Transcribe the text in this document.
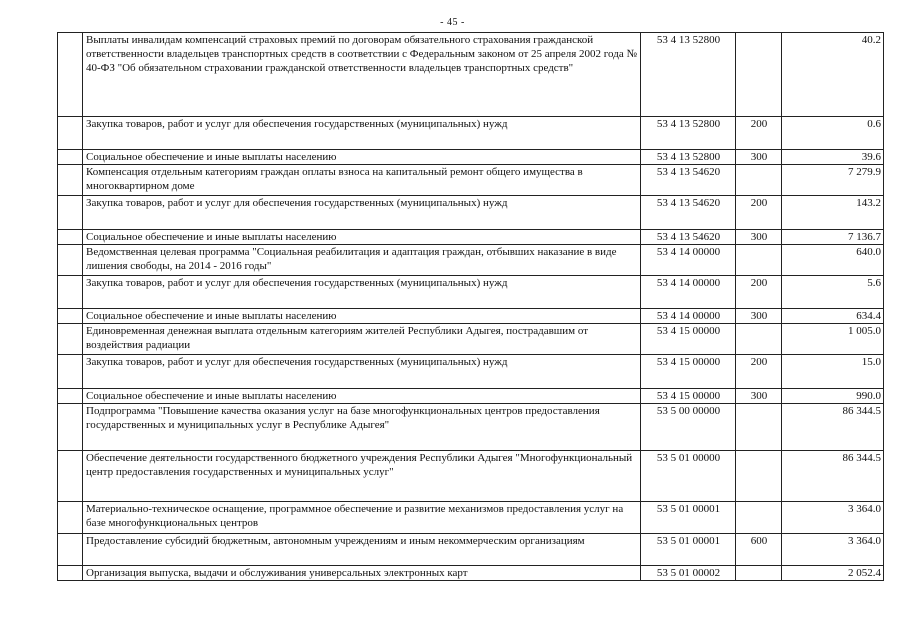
- 45 -
	Выплаты инвалидам компенсаций страховых премий по договорам обязательного страхования гражданской ответственности владельцев транспортных средств в соответствии с Федеральным законом от 25 апреля 2002 года № 40-ФЗ "Об обязательном страховании гражданской ответственности владельцев транспортных средств"	53 4 13 52800		40.2
	Закупка товаров, работ и услуг для обеспечения государственных (муниципальных) нужд	53 4 13 52800	200	0.6
	Социальное обеспечение и иные выплаты населению	53 4 13 52800	300	39.6
	Компенсация отдельным категориям граждан оплаты взноса на капитальный ремонт общего имущества в многоквартирном доме	53 4 13 54620		7 279.9
	Закупка товаров, работ и услуг для обеспечения государственных (муниципальных) нужд	53 4 13 54620	200	143.2
	Социальное обеспечение и иные выплаты населению	53 4 13 54620	300	7 136.7
	Ведомственная целевая программа "Социальная реабилитация и адаптация граждан, отбывших наказание в виде лишения свободы, на 2014 - 2016 годы"	53 4 14 00000		640.0
	Закупка товаров, работ и услуг для обеспечения государственных (муниципальных) нужд	53 4 14 00000	200	5.6
	Социальное обеспечение и иные выплаты населению	53 4 14 00000	300	634.4
	Единовременная денежная выплата отдельным категориям жителей Республики Адыгея, пострадавшим от воздействия радиации	53 4 15 00000		1 005.0
	Закупка товаров, работ и услуг для обеспечения государственных (муниципальных) нужд	53 4 15 00000	200	15.0
	Социальное обеспечение и иные выплаты населению	53 4 15 00000	300	990.0
	Подпрограмма "Повышение качества оказания услуг на базе многофункциональных центров предоставления государственных и муниципальных услуг в Республике Адыгея"	53 5 00 00000		86 344.5
	Обеспечение деятельности государственного бюджетного учреждения Республики Адыгея "Многофункциональный центр предоставления государственных и муниципальных услуг"	53 5 01 00000		86 344.5
	Материально-техническое оснащение, программное обеспечение и развитие механизмов предоставления услуг на базе многофункциональных центров	53 5 01 00001		3 364.0
	Предоставление субсидий бюджетным, автономным учреждениям и иным некоммерческим организациям	53 5 01 00001	600	3 364.0
	Организация выпуска, выдачи и обслуживания универсальных электронных карт	53 5 01 00002		2 052.4
